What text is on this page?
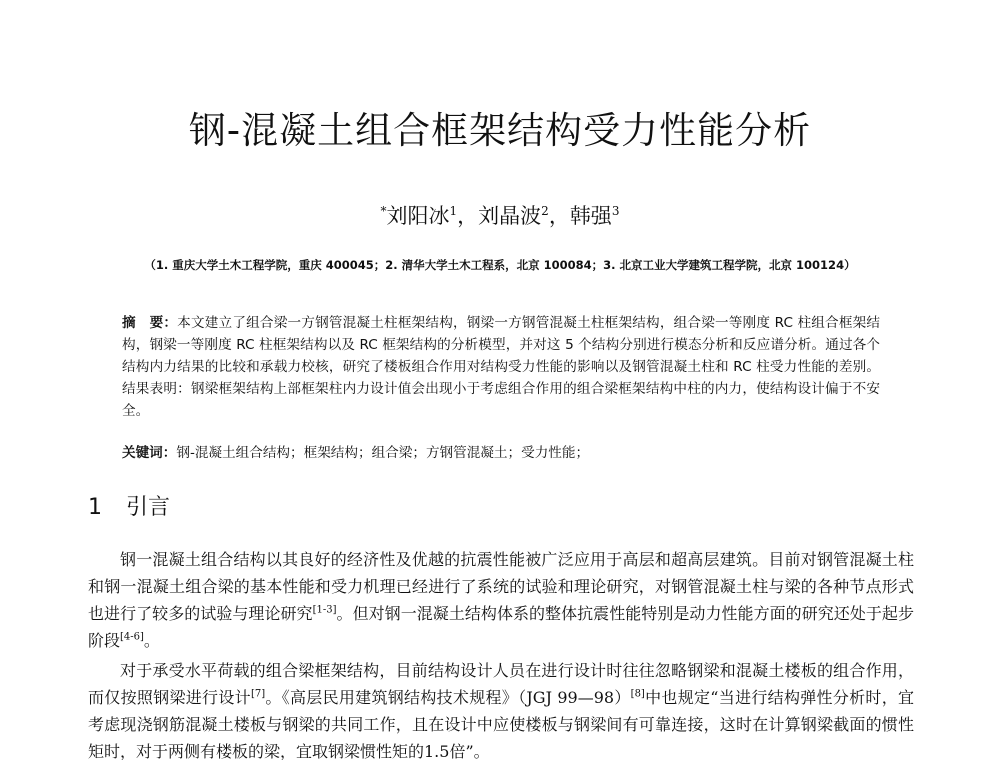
钢-混凝土组合框架结构受力性能分析
*刘阳冰$^1$，刘晶波$^2$，韩强$^3$
（1. 重庆大学土木工程学院，重庆 400045；2. 清华大学土木工程系，北京 100084；3. 北京工业大学建筑工程学院，北京 100124）
摘　要：本文建立了组合梁一方钢管混凝土柱框架结构，钢梁一方钢管混凝土柱框架结构，组合梁一等刚度 RC 柱组合框架结构，钢梁一等刚度 RC 柱框架结构以及 RC 框架结构的分析模型，并对这 5 个结构分别进行模态分析和反应谱分析。通过各个结构内力结果的比较和承载力校核，研究了楼板组合作用对结构受力性能的影响以及钢管混凝土柱和 RC 柱受力性能的差别。结果表明：钢梁框架结构上部框架柱内力设计值会出现小于考虑组合作用的组合梁框架结构中柱的内力，使结构设计偏于不安全。
关键词：钢-混凝土组合结构；框架结构；组合梁；方钢管混凝土；受力性能；
1 引言

钢一混凝土组合结构以其良好的经济性及优越的抗震性能被广泛应用于高层和超高层建筑。目前对钢管混凝土柱和钢一混凝土组合梁的基本性能和受力机理已经进行了系统的试验和理论研究，对钢管混凝土柱与梁的各种节点形式也进行了较多的试验与理论研究[1-3]。但对钢一混凝土结构体系的整体抗震性能特别是动力性能方面的研究还处于起步阶段[4-6]。

对于承受水平荷载的组合梁框架结构，目前结构设计人员在进行设计时往往忽略钢梁和混凝土楼板的组合作用，而仅按照钢梁进行设计[7]。《高层民用建筑钢结构技术规程》（JGJ 99—98）[8]中也规定“当进行结构弹性分析时，宜考虑现浇钢筋混凝土楼板与钢梁的共同工作，且在设计中应使楼板与钢梁间有可靠连接，这时在计算钢梁截面的惯性矩时，对于两侧有楼板的梁，宜取钢梁惯性矩的1.5倍”。
